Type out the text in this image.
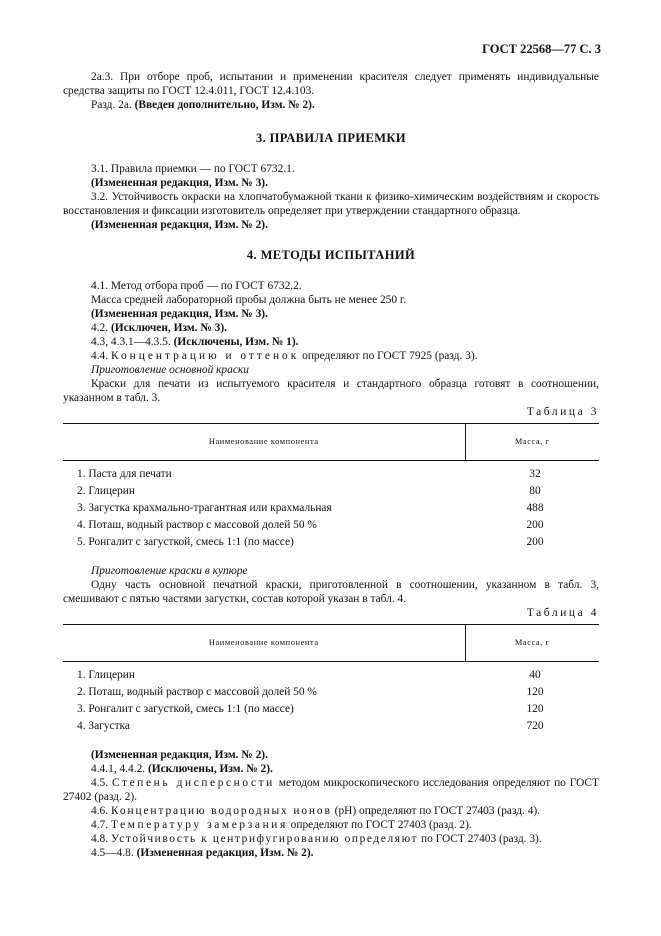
ГОСТ 22568—77 С. 3

2а.3. При отборе проб, испытании и применении красителя следует применять индивидуальные средства защиты по ГОСТ 12.4.011, ГОСТ 12.4.103.

Разд. 2а. (Введен дополнительно, Изм. № 2).

3. ПРАВИЛА ПРИЕМКИ

3.1. Правила приемки — по ГОСТ 6732.1.

(Измененная редакция, Изм. № 3).

3.2. Устойчивость окраски на хлопчатобумажной ткани к физико-химическим воздействиям и скорость восстановления и фиксации изготовитель определяет при утверждении стандартного образца.

(Измененная редакция, Изм. № 2).

4. МЕТОДЫ ИСПЫТАНИЙ

4.1. Метод отбора проб — по ГОСТ 6732.2.

Масса средней лабораторной пробы должна быть не менее 250 г.

(Измененная редакция, Изм. № 3).

4.2. (Исключен, Изм. № 3).

4.3, 4.3.1—4.3.5. (Исключены, Изм. № 1).

4.4. Концентрацию и оттенок определяют по ГОСТ 7925 (разд. 3).

Приготовление основной краски

Краски для печати из испытуемого красителя и стандартного образца готовят в соотношении, указанном в табл. 3.

Таблица 3

Наименование компонента	Масса, г
1. Паста для печати	32
2. Глицерин	80
3. Загустка крахмально-трагантная или крахмальная	488
4. Поташ, водный раствор с массовой долей 50 %	200
5. Ронгалит с загусткой, смесь 1:1 (по массе)	200

Приготовление краски в купюре

Одну часть основной печатной краски, приготовленной в соотношении, указанном в табл. 3, смешивают с пятью частями загустки, состав которой указан в табл. 4.

Таблица 4

Наименование компонента	Масса, г
1. Глицерин	40
2. Поташ, водный раствор с массовой долей 50 %	120
3. Ронгалит с загусткой, смесь 1:1 (по массе)	120
4. Загустка	720

(Измененная редакция, Изм. № 2).

4.4.1, 4.4.2. (Исключены, Изм. № 2).

4.5. Степень дисперсности методом микроскопического исследования определяют по ГОСТ 27402 (разд. 2).

4.6. Концентрацию водородных ионов (рН) определяют по ГОСТ 27403 (разд. 4).

4.7. Температуру замерзания определяют по ГОСТ 27403 (разд. 2).

4.8. Устойчивость к центрифугированию определяют по ГОСТ 27403 (разд. 3).

4.5—4.8. (Измененная редакция, Изм. № 2).
